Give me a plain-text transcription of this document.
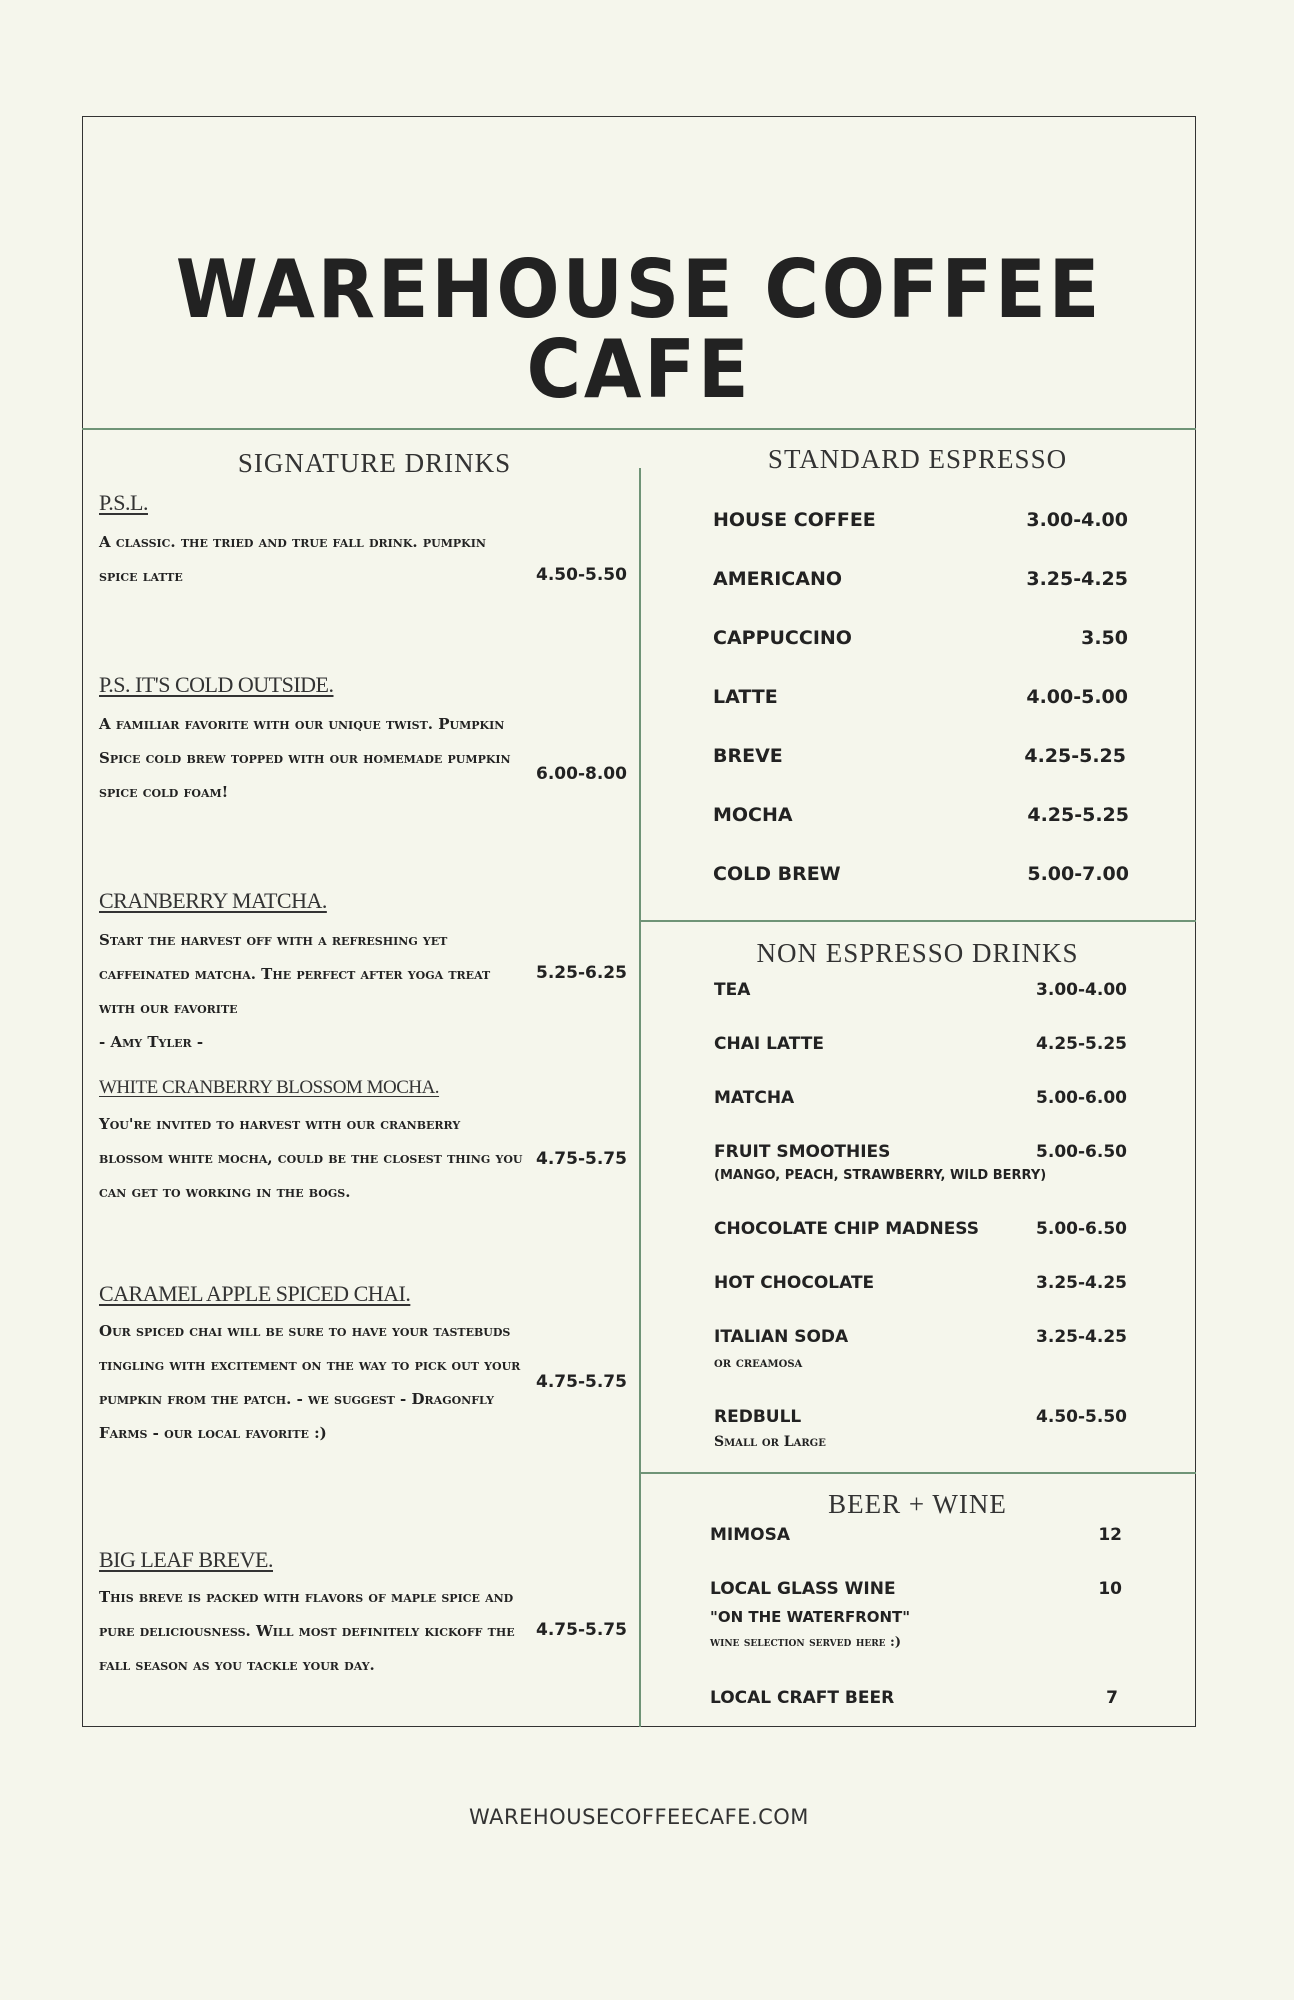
WAREHOUSE COFFEE CAFE
SIGNATURE DRINKS
P.S.L.
A classic. the tried and true fall drink. pumpkin spice latte	4.50-5.50
P.S. IT'S COLD OUTSIDE.
A familiar favorite with our unique twist. Pumpkin Spice cold brew topped with our homemade pumpkin spice cold foam!
6.00-8.00
CRANBERRY MATCHA.
Start the harvest off with a refreshing yet caffeinated matcha. The perfect after yoga treat with our favorite
- Amy Tyler -
5.25-6.25
WHITE CRANBERRY BLOSSOM MOCHA.
You're invited to harvest with our cranberry blossom white mocha, could be the closest thing you can get to working in the bogs.
4.75-5.75
CARAMEL APPLE SPICED CHAI.
Our spiced chai will be sure to have your tastebuds tingling with excitement on the way to pick out your pumpkin from the patch. - we suggest - Dragonfly Farms - our local favorite :)
4.75-5.75
BIG LEAF BREVE.
This breve is packed with flavors of maple spice and pure deliciousness. Will most definitely kickoff the fall season as you tackle your day.
4.75-5.75
STANDARD ESPRESSO
HOUSE COFFEE	3.00-4.00
AMERICANO	3.25-4.25
CAPPUCCINO	3.50
LATTE	4.00-5.00
BREVE	4.25-5.25
MOCHA	4.25-5.25
COLD BREW	5.00-7.00
NON ESPRESSO DRINKS
TEA	3.00-4.00
CHAI LATTE	4.25-5.25
MATCHA	5.00-6.00
FRUIT SMOOTHIES	5.00-6.50
(MANGO, PEACH, STRAWBERRY, WILD BERRY)
CHOCOLATE CHIP MADNESS	5.00-6.50
HOT CHOCOLATE	3.25-4.25
ITALIAN SODA	3.25-4.25
or creamosa
REDBULL	4.50-5.50
Small or Large
BEER + WINE
MIMOSA	12
LOCAL GLASS WINE	10
"ON THE WATERFRONT"
wine selection served here :)
LOCAL CRAFT BEER	7
WAREHOUSECOFFEECAFE.COM
